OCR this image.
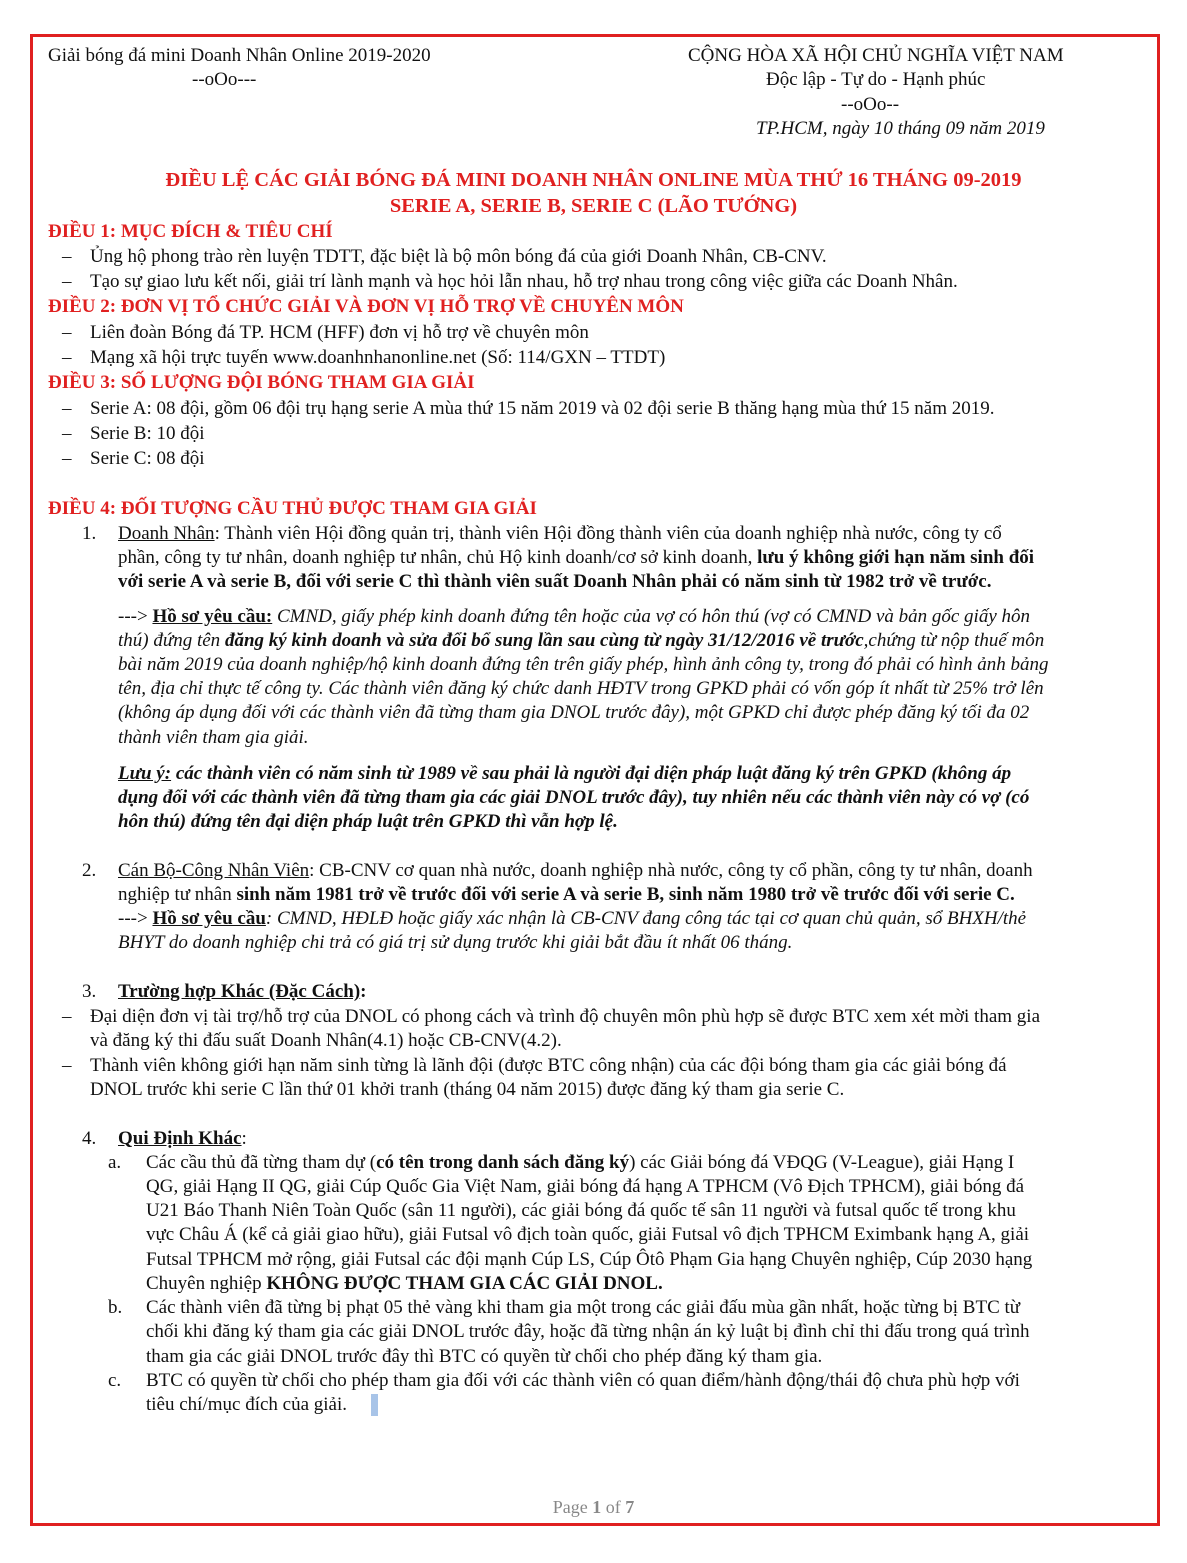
Giải bóng đá mini Doanh Nhân Online 2019-2020
--oOo---
CỘNG HÒA XÃ HỘI CHỦ NGHĨA VIỆT NAM
Độc lập - Tự do - Hạnh phúc
--oOo--
TP.HCM, ngày 10 tháng 09 năm 2019
ĐIỀU LỆ CÁC GIẢI BÓNG ĐÁ MINI DOANH NHÂN ONLINE MÙA THỨ 16 THÁNG 09-2019
SERIE A, SERIE B, SERIE C (LÃO TƯỚNG)
ĐIỀU 1: MỤC ĐÍCH & TIÊU CHÍ
– Ủng hộ phong trào rèn luyện TDTT, đặc biệt là bộ môn bóng đá của giới Doanh Nhân, CB-CNV.
– Tạo sự giao lưu kết nối, giải trí lành mạnh và học hỏi lẫn nhau, hỗ trợ nhau trong công việc giữa các Doanh Nhân.
ĐIỀU 2: ĐƠN VỊ TỔ CHỨC GIẢI VÀ ĐƠN VỊ HỖ TRỢ VỀ CHUYÊN MÔN
– Liên đoàn Bóng đá TP. HCM (HFF) đơn vị hỗ trợ về chuyên môn
– Mạng xã hội trực tuyến www.doanhnhanonline.net (Số: 114/GXN – TTDT)
ĐIỀU 3: SỐ LƯỢNG ĐỘI BÓNG THAM GIA GIẢI
– Serie A: 08 đội, gồm 06 đội trụ hạng serie A mùa thứ 15 năm 2019 và 02 đội serie B thăng hạng mùa thứ 15 năm 2019.
– Serie B: 10 đội
– Serie C: 08 đội
ĐIỀU 4: ĐỐI TƯỢNG CẦU THỦ ĐƯỢC THAM GIA GIẢI
1. Doanh Nhân: Thành viên Hội đồng quản trị, thành viên Hội đồng thành viên của doanh nghiệp nhà nước, công ty cổ
phần, công ty tư nhân, doanh nghiệp tư nhân, chủ Hộ kinh doanh/cơ sở kinh doanh, lưu ý không giới hạn năm sinh đối
với serie A và serie B, đối với serie C thì thành viên suất Doanh Nhân phải có năm sinh từ 1982 trở về trước.
---> Hồ sơ yêu cầu: CMND, giấy phép kinh doanh đứng tên hoặc của vợ có hôn thú (vợ có CMND và bản gốc giấy hôn
thú) đứng tên đăng ký kinh doanh và sửa đổi bổ sung lần sau cùng từ ngày 31/12/2016 về trước,chứng từ nộp thuế môn
bài năm 2019 của doanh nghiệp/hộ kinh doanh đứng tên trên giấy phép, hình ảnh công ty, trong đó phải có hình ảnh bảng
tên, địa chỉ thực tế công ty. Các thành viên đăng ký chức danh HĐTV trong GPKD phải có vốn góp ít nhất từ 25% trở lên
(không áp dụng đối với các thành viên đã từng tham gia DNOL trước đây), một GPKD chỉ được phép đăng ký tối đa 02
thành viên tham gia giải.
Lưu ý: các thành viên có năm sinh từ 1989 về sau phải là người đại diện pháp luật đăng ký trên GPKD (không áp
dụng đối với các thành viên đã từng tham gia các giải DNOL trước đây), tuy nhiên nếu các thành viên này có vợ (có
hôn thú) đứng tên đại diện pháp luật trên GPKD thì vẫn hợp lệ.
2. Cán Bộ-Công Nhân Viên: CB-CNV cơ quan nhà nước, doanh nghiệp nhà nước, công ty cổ phần, công ty tư nhân, doanh
nghiệp tư nhân sinh năm 1981 trở về trước đối với serie A và serie B, sinh năm 1980 trở về trước đối với serie C.
---> Hồ sơ yêu cầu: CMND, HĐLĐ hoặc giấy xác nhận là CB-CNV đang công tác tại cơ quan chủ quản, sổ BHXH/thẻ
BHYT do doanh nghiệp chi trả có giá trị sử dụng trước khi giải bắt đầu ít nhất 06 tháng.
3. Trường hợp Khác (Đặc Cách):
– Đại diện đơn vị tài trợ/hỗ trợ của DNOL có phong cách và trình độ chuyên môn phù hợp sẽ được BTC xem xét mời tham gia
và đăng ký thi đấu suất Doanh Nhân(4.1) hoặc CB-CNV(4.2).
– Thành viên không giới hạn năm sinh từng là lãnh đội (được BTC công nhận) của các đội bóng tham gia các giải bóng đá
DNOL trước khi serie C lần thứ 01 khởi tranh (tháng 04 năm 2015) được đăng ký tham gia serie C.
4. Qui Định Khác:
a. Các cầu thủ đã từng tham dự (có tên trong danh sách đăng ký) các Giải bóng đá VĐQG (V-League), giải Hạng I
QG, giải Hạng II QG, giải Cúp Quốc Gia Việt Nam, giải bóng đá hạng A TPHCM (Vô Địch TPHCM), giải bóng đá
U21 Báo Thanh Niên Toàn Quốc (sân 11 người), các giải bóng đá quốc tế sân 11 người và futsal quốc tế trong khu
vực Châu Á (kể cả giải giao hữu), giải Futsal vô địch toàn quốc, giải Futsal vô địch TPHCM Eximbank hạng A, giải
Futsal TPHCM mở rộng, giải Futsal các đội mạnh Cúp LS, Cúp Ôtô Phạm Gia hạng Chuyên nghiệp, Cúp 2030 hạng
Chuyên nghiệp KHÔNG ĐƯỢC THAM GIA CÁC GIẢI DNOL.
b. Các thành viên đã từng bị phạt 05 thẻ vàng khi tham gia một trong các giải đấu mùa gần nhất, hoặc từng bị BTC từ
chối khi đăng ký tham gia các giải DNOL trước đây, hoặc đã từng nhận án kỷ luật bị đình chỉ thi đấu trong quá trình
tham gia các giải DNOL trước đây thì BTC có quyền từ chối cho phép đăng ký tham gia.
c. BTC có quyền từ chối cho phép tham gia đối với các thành viên có quan điểm/hành động/thái độ chưa phù hợp với
tiêu chí/mục đích của giải.
Page 1 of 7
